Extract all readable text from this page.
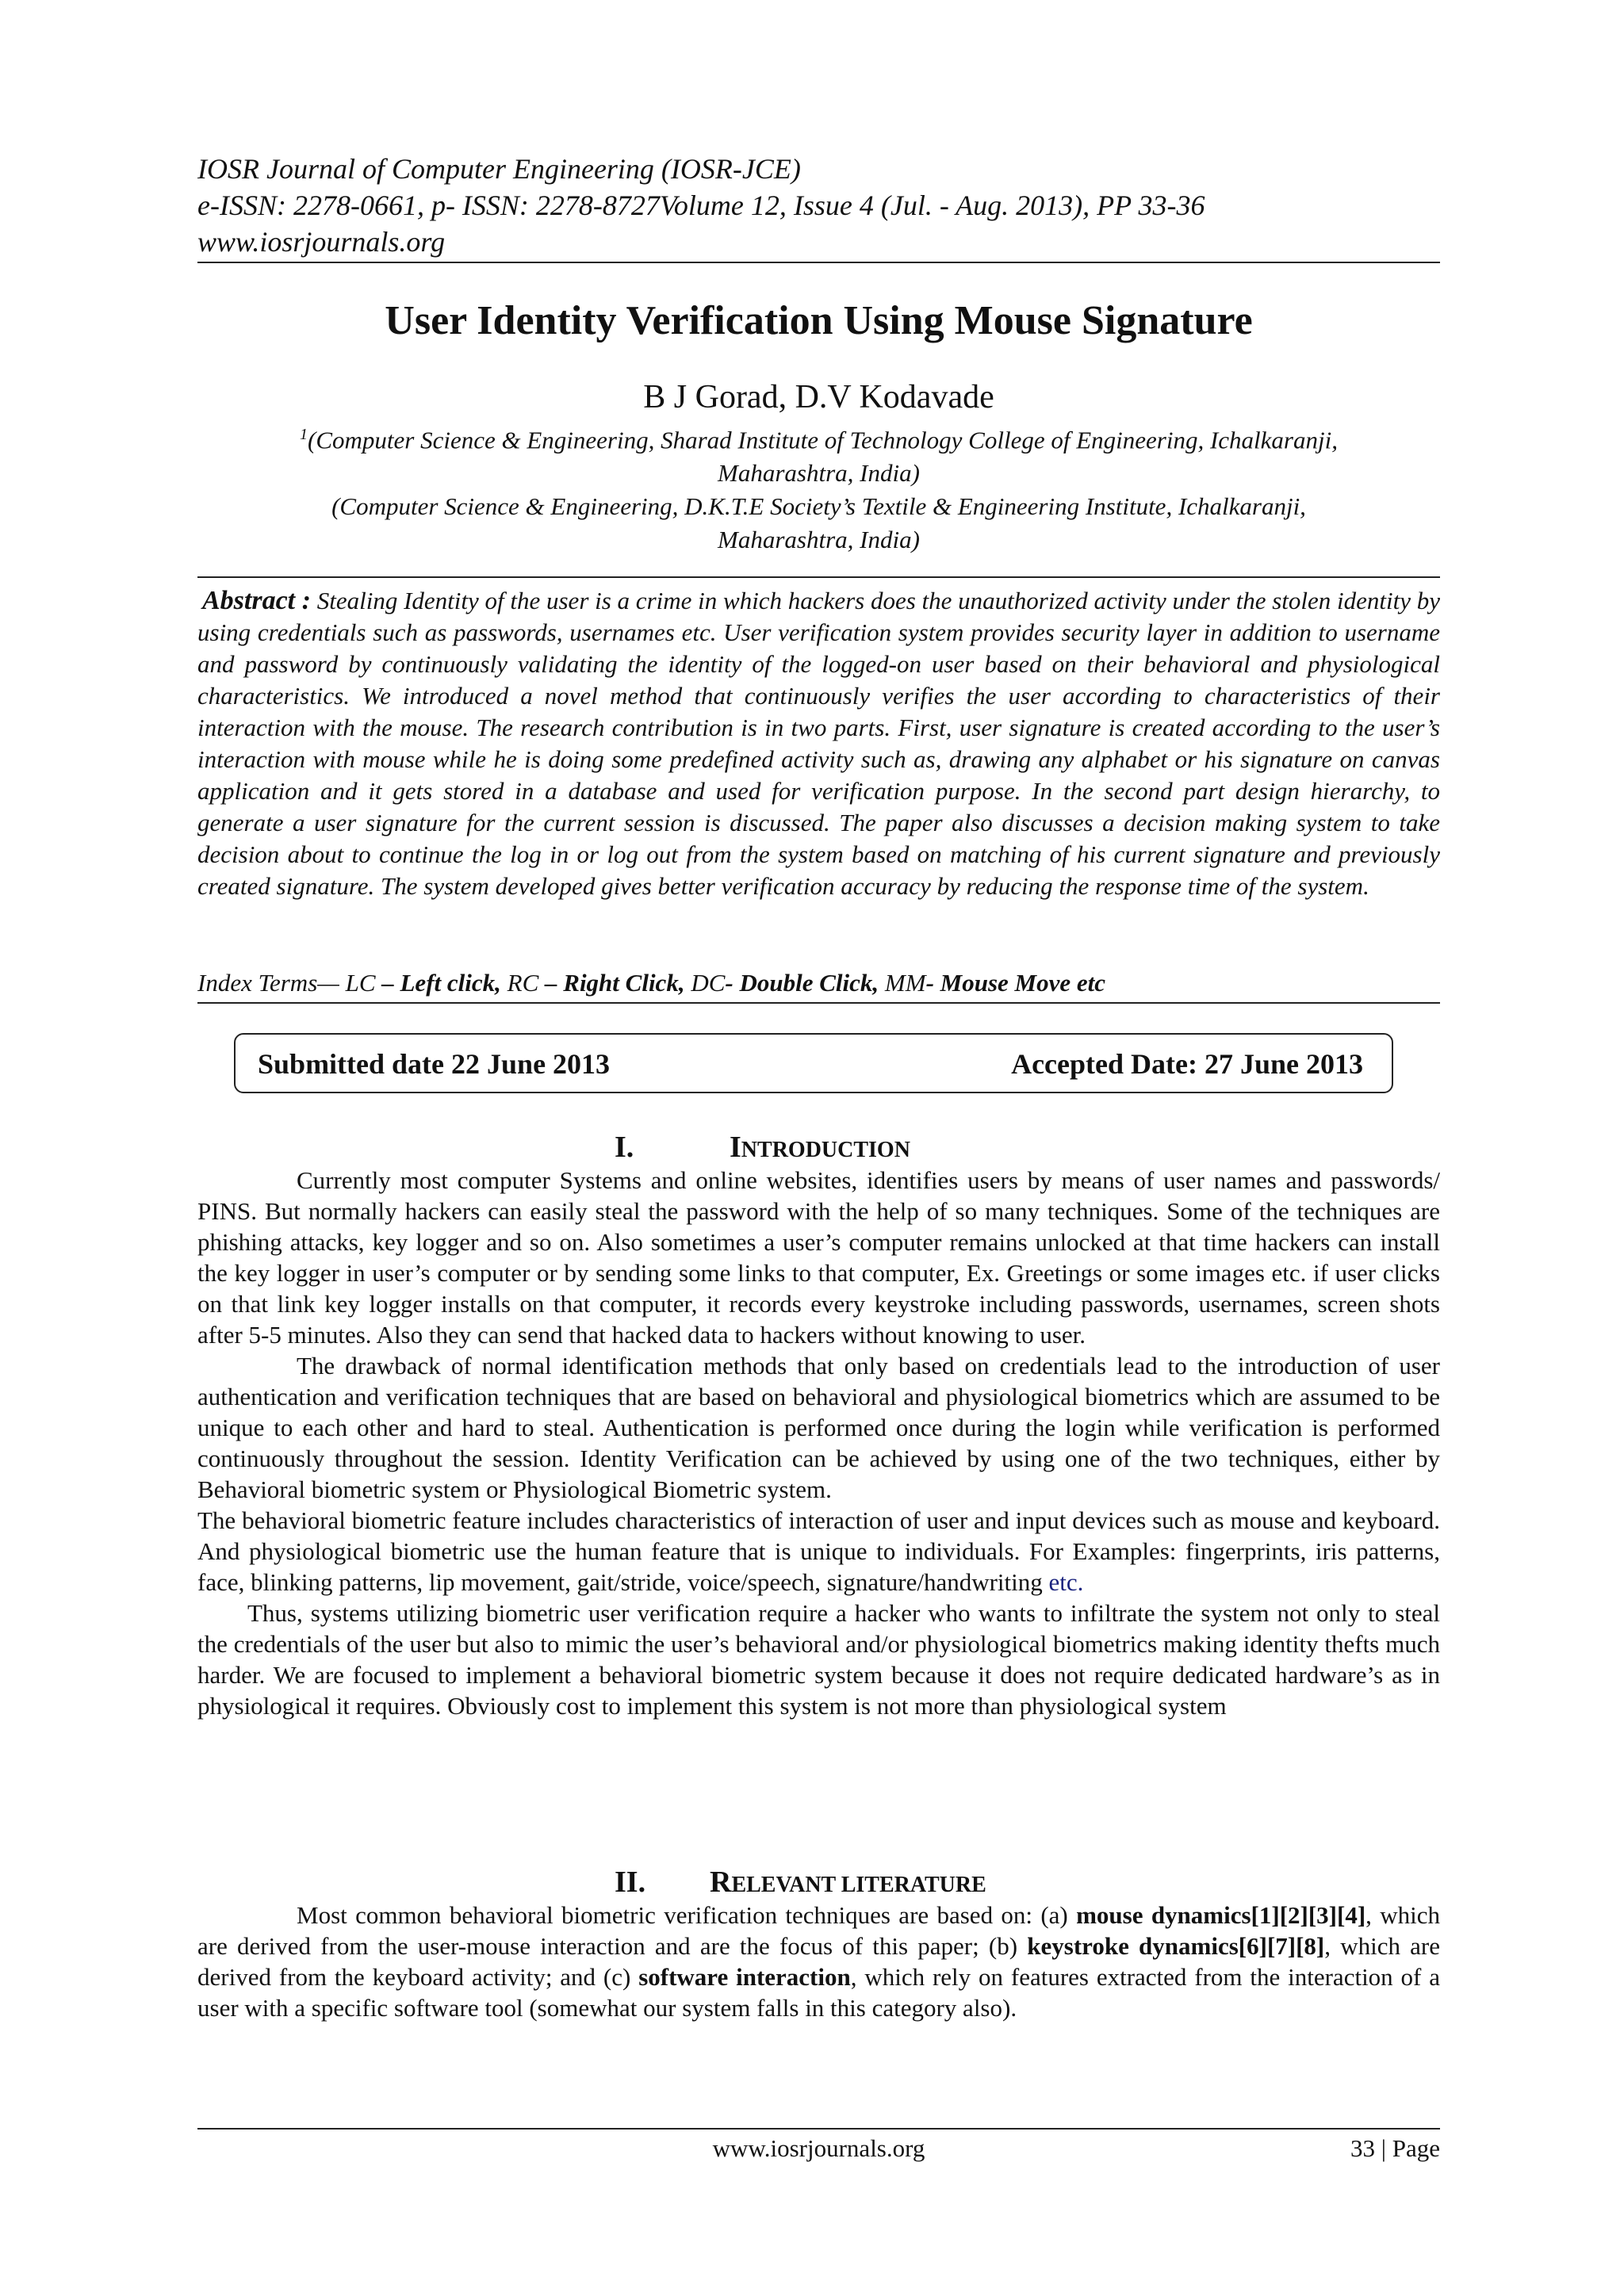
IOSR Journal of Computer Engineering (IOSR-JCE)
e-ISSN: 2278-0661, p- ISSN: 2278-8727Volume 12, Issue 4 (Jul. - Aug. 2013), PP 33-36
www.iosrjournals.org
User Identity Verification Using Mouse Signature
B J Gorad, D.V Kodavade
$^1$(Computer Science & Engineering, Sharad Institute of Technology College of Engineering, Ichalkaranji,
Maharashtra, India)
(Computer Science & Engineering, D.K.T.E Society’s Textile & Engineering Institute, Ichalkaranji,
Maharashtra, India)
Abstract : Stealing Identity of the user is a crime in which hackers does the unauthorized activity under the stolen identity by using credentials such as passwords, usernames etc. User verification system provides security layer in addition to username and password by continuously validating the identity of the logged-on user based on their behavioral and physiological characteristics. We introduced a novel method that continuously verifies the user according to characteristics of their interaction with the mouse. The research contribution is in two parts. First, user signature is created according to the user’s interaction with mouse while he is doing some predefined activity such as, drawing any alphabet or his signature on canvas application and it gets stored in a database and used for verification purpose. In the second part design hierarchy, to generate a user signature for the current session is discussed. The paper also discusses a decision making system to take decision about to continue the log in or log out from the system based on matching of his current signature and previously created signature. The system developed gives better verification accuracy by reducing the response time of the system.
Index Terms— LC – Left click, RC – Right Click, DC- Double Click, MM- Mouse Move etc
Submitted date 22 June 2013	Accepted Date: 27 June 2013
I.	INTRODUCTION

Currently most computer Systems and online websites, identifies users by means of user names and passwords/ PINS. But normally hackers can easily steal the password with the help of so many techniques. Some of the techniques are phishing attacks, key logger and so on. Also sometimes a user’s computer remains unlocked at that time hackers can install the key logger in user’s computer or by sending some links to that computer, Ex. Greetings or some images etc. if user clicks on that link key logger installs on that computer, it records every keystroke including passwords, usernames, screen shots after 5-5 minutes. Also they can send that hacked data to hackers without knowing to user.

The drawback of normal identification methods that only based on credentials lead to the introduction of user authentication and verification techniques that are based on behavioral and physiological biometrics which are assumed to be unique to each other and hard to steal. Authentication is performed once during the login while verification is performed continuously throughout the session. Identity Verification can be achieved by using one of the two techniques, either by Behavioral biometric system or Physiological Biometric system.

The behavioral biometric feature includes characteristics of interaction of user and input devices such as mouse and keyboard. And physiological biometric use the human feature that is unique to individuals. For Examples: fingerprints, iris patterns, face, blinking patterns, lip movement, gait/stride, voice/speech, signature/handwriting etc.

Thus, systems utilizing biometric user verification require a hacker who wants to infiltrate the system not only to steal the credentials of the user but also to mimic the user’s behavioral and/or physiological biometrics making identity thefts much harder. We are focused to implement a behavioral biometric system because it does not require dedicated hardware’s as in physiological it requires. Obviously cost to implement this system is not more than physiological system

II. RELEVANT LITERATURE

Most common behavioral biometric verification techniques are based on: (a) mouse dynamics[1][2][3][4], which are derived from the user-mouse interaction and are the focus of this paper; (b) keystroke dynamics[6][7][8], which are derived from the keyboard activity; and (c) software interaction, which rely on features extracted from the interaction of a user with a specific software tool (somewhat our system falls in this category also).

www.iosrjournals.org	33 | Page
